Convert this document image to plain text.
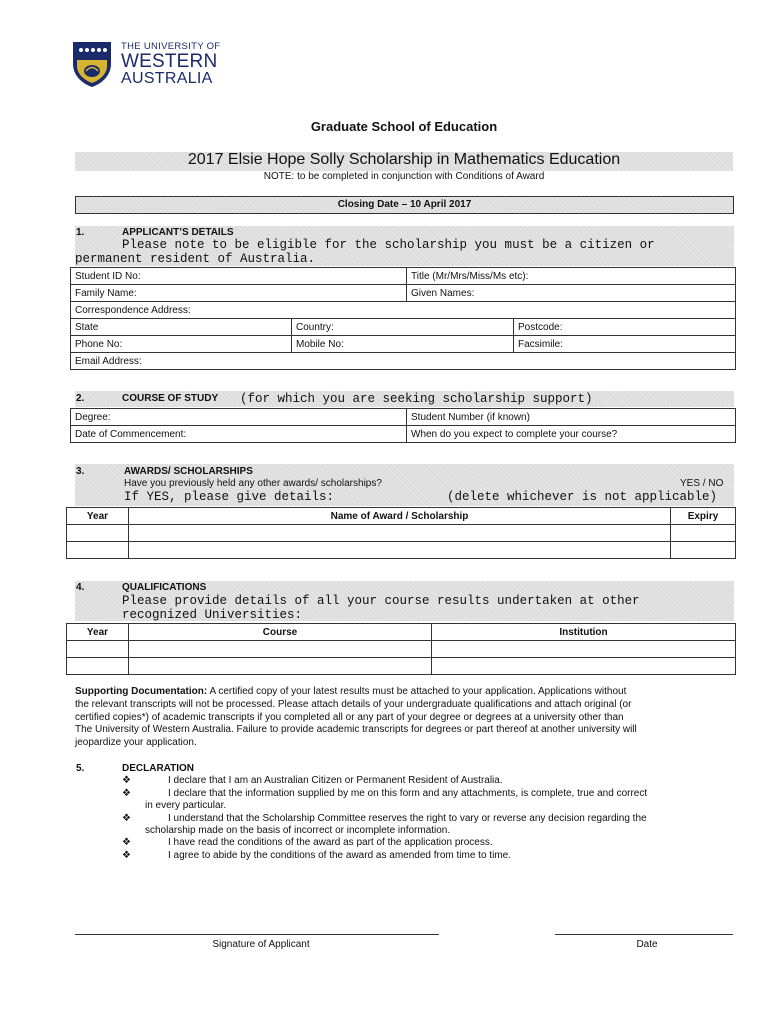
THE UNIVERSITY OF
WESTERN
AUSTRALIA
Graduate School of Education
2017 Elsie Hope Solly Scholarship in Mathematics Education
NOTE: to be completed in conjunction with Conditions of Award
Closing Date – 10 April 2017
1.	APPLICANT’S DETAILS
Please note to be eligible for the scholarship you must be a citizen or
permanent resident of Australia.
Student ID No:		Title (Mr/Mrs/Miss/Ms etc):	
Family Name:		Given Names:	
Correspondence Address:			
State	Country:		Postcode:
Phone No:	Mobile No:		Facsimile:
Email Address:			
2.	COURSE OF STUDY (for which you are seeking scholarship support)
Degree:	Student Number (if known)
Date of Commencement:	When do you expect to complete your course?
3.	AWARDS/ SCHOLARSHIPS
Have you previously held any other awards/ scholarships?	YES / NO
If YES, please give details:	(delete whichever is not applicable)
Year	Name of Award / Scholarship	Expiry

4.	QUALIFICATIONS
Please provide details of all your course results undertaken at other
recognized Universities:
Year	Course	Institution

Supporting Documentation: A certified copy of your latest results must be attached to your application. Applications without
the relevant transcripts will not be processed. Please attach details of your undergraduate qualifications and attach original (or
certified copies*) of academic transcripts if you completed all or any part of your degree or degrees at a university other than
The University of Western Australia. Failure to provide academic transcripts for degrees or part thereof at another university will
jeopardize your application.
5.	DECLARATION
❖	I declare that I am an Australian Citizen or Permanent Resident of Australia.
❖	I declare that the information supplied by me on this form and any attachments, is complete, true and correct
in every particular.
❖	I understand that the Scholarship Committee reserves the right to vary or reverse any decision regarding the
scholarship made on the basis of incorrect or incomplete information.
❖	I have read the conditions of the award as part of the application process.
❖	I agree to abide by the conditions of the award as amended from time to time.
Signature of Applicant	Date
